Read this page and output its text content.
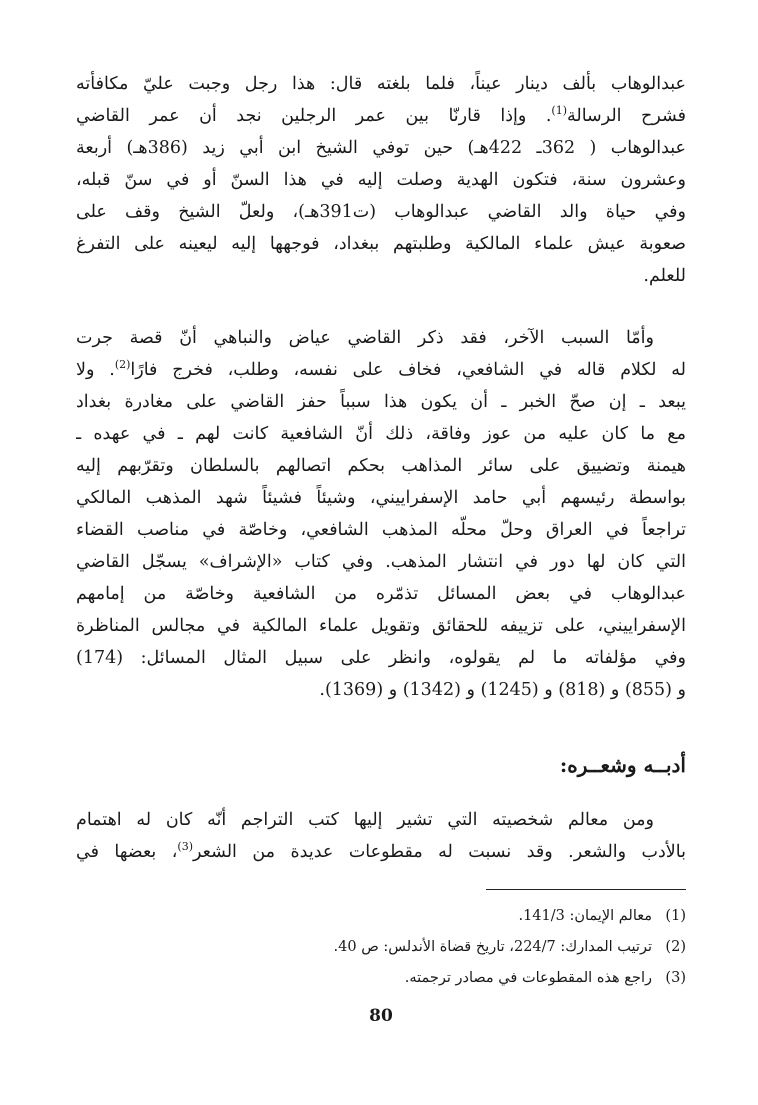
عبدالوهاب بألف دينار عيناً، فلما بلغته قال: هذا رجل وجبت عليّ مكافأته
فشرح الرسالة$^{(1)}$. وإذا قارنّا بين عمر الرجلين نجد أن عمر القاضي
عبدالوهاب ( 362ـ 422هـ) حين توفي الشيخ ابن أبي زيد (386هـ) أربعة
وعشرون سنة، فتكون الهدية وصلت إليه في هذا السنّ أو في سنّ قبله،
وفي حياة والد القاضي عبدالوهاب (ت391هـ)، ولعلّ الشيخ وقف على
صعوبة عيش علماء المالكية وطلبتهم ببغداد، فوجهها إليه ليعينه على التفرغ
للعلم.
وأمّا السبب الآخر، فقد ذكر القاضي عياض والنباهي أنّ قصة جرت
له لكلام قاله في الشافعي، فخاف على نفسه، وطلب، فخرج فارًا$^{(2)}$. ولا
يبعد ـ إن صحّ الخبر ـ أن يكون هذا سبباً حفز القاضي على مغادرة بغداد
مع ما كان عليه من عوز وفاقة، ذلك أنّ الشافعية كانت لهم ـ في عهده ـ
هيمنة وتضييق على سائر المذاهب بحكم اتصالهم بالسلطان وتقرّبهم إليه
بواسطة رئيسهم أبي حامد الإسفراييني، وشيئاً فشيئاً شهد المذهب المالكي
تراجعاً في العراق وحلّ محلّه المذهب الشافعي، وخاصّة في مناصب القضاء
التي كان لها دور في انتشار المذهب. وفي كتاب «الإشراف» يسجّل القاضي
عبدالوهاب في بعض المسائل تذمّره من الشافعية وخاصّة من إمامهم
الإسفراييني، على تزييفه للحقائق وتقويل علماء المالكية في مجالس المناظرة
وفي مؤلفاته ما لم يقولوه، وانظر على سبيل المثال المسائل: (174)
و (855) و (818) و (1245) و (1342) و (1369).
أدبــه وشعــره:
ومن معالم شخصيته التي تشير إليها كتب التراجم أنّه كان له اهتمام
بالأدب والشعر. وقد نسبت له مقطوعات عديدة من الشعر$^{(3)}$، بعضها في
(1)معالم الإيمان: 141/3.
(2)ترتيب المدارك: 224/7، تاريخ قضاة الأندلس: ص 40.
(3)راجع هذه المقطوعات في مصادر ترجمته.
80
